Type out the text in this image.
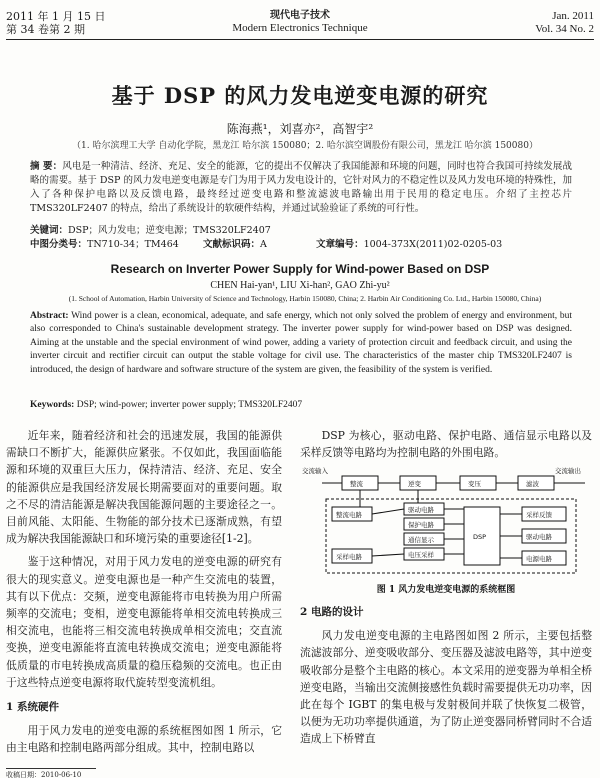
2011 年 1 月 15 日
第 34 卷第 2 期
现代电子技术
Modern Electronics Technique
Jan. 2011
Vol. 34 No. 2
基于 DSP 的风力发电逆变电源的研究
陈海燕¹，刘喜亦²，高智宇²
（1. 哈尔滨理工大学 自动化学院，黑龙江 哈尔滨 150080；2. 哈尔滨空调股份有限公司，黑龙江 哈尔滨 150080）
摘 要：风电是一种清洁、经济、充足、安全的能源，它的提出不仅解决了我国能源和环境的问题，同时也符合我国可持续发展战略的需要。基于 DSP 的风力发电逆变电源是专门为用于风力发电设计的，它针对风力的不稳定性以及风力发电环境的特殊性，加入了各种保护电路以及反馈电路，最终经过逆变电路和整流滤波电路输出用于民用的稳定电压。介绍了主控芯片 TMS320LF2407 的特点，给出了系统设计的软硬件结构，并通过试验验证了系统的可行性。
关键词：DSP；风力发电；逆变电源；TMS320LF2407
中图分类号：TN710-34；TM464	文献标识码：A	文章编号：1004-373X(2011)02-0205-03
Research on Inverter Power Supply for Wind-power Based on DSP
CHEN Hai-yan¹, LIU Xi-han², GAO Zhi-yu²
(1. School of Automation, Harbin University of Science and Technology, Harbin 150080, China; 2. Harbin Air Conditioning Co. Ltd., Harbin 150080, China)
Abstract: Wind power is a clean, economical, adequate, and safe energy, which not only solved the problem of energy and environment, but also corresponded to China's sustainable development strategy. The inverter power supply for wind-power based on DSP was designed. Aiming at the unstable and the special environment of wind power, adding a variety of protection circuit and feedback circuit, and using the inverter circuit and rectifier circuit can output the stable voltage for civil use. The characteristics of the master chip TMS320LF2407 is introduced, the design of hardware and software structure of the system are given, the feasibility of the system is verified.
Keywords: DSP; wind-power; inverter power supply; TMS320LF2407

近年来，随着经济和社会的迅速发展，我国的能源供需缺口不断扩大，能源供应紧张。不仅如此，我国面临能源和环境的双重巨大压力，保持清洁、经济、充足、安全的能源供应是我国经济发展长期需要面对的重要问题。取之不尽的清洁能源是解决我国能源问题的主要途径之一。目前风能、太阳能、生物能的部分技术已逐渐成熟，有望成为解决我国能源缺口和环境污染的重要途径[1-2]。

鉴于这种情况，对用于风力发电的逆变电源的研究有很大的现实意义。逆变电源也是一种产生交流电的装置，其有以下优点：交频，逆变电源能将市电转换为用户所需频率的交流电；变相，逆变电源能将单相交流电转换成三相交流电，也能将三相交流电转换成单相交流电；交直流变换，逆变电源能将直流电转换成交流电；逆变电源能将低质量的市电转换成高质量的稳压稳频的交流电。也正由于这些特点逆变电源将取代旋转型变流机组。

1 系统硬件

用于风力发电的逆变电源的系统框图如图 1 所示，它由主电路和控制电路两部分组成。其中，控制电路以

DSP 为核心，驱动电路、保护电路、通信显示电路以及采样反馈等电路均为控制电路的外围电路。

交流输入	交流输出
整流	逆变	变压	滤波
整流电路
采样电路
驱动电路
保护电路
通信显示
电压采样
DSP
采样反馈
驱动电路
电源电路
图 1 风力发电逆变电源的系统框图
2 电路的设计

风力发电逆变电源的主电路图如图 2 所示，主要包括整流滤波部分、逆变吸收部分、变压器及滤波电路等，其中逆变吸收部分是整个主电路的核心。本文采用的逆变器为单相全桥逆变电路，当输出交流侧接感性负载时需要提供无功功率，因此在每个 IGBT 的集电极与发射极间并联了快恢复二极管，以便为无功功率提供通道，为了防止逆变器同桥臂同时不合适造成上下桥臂直

收稿日期：2010-06-10
